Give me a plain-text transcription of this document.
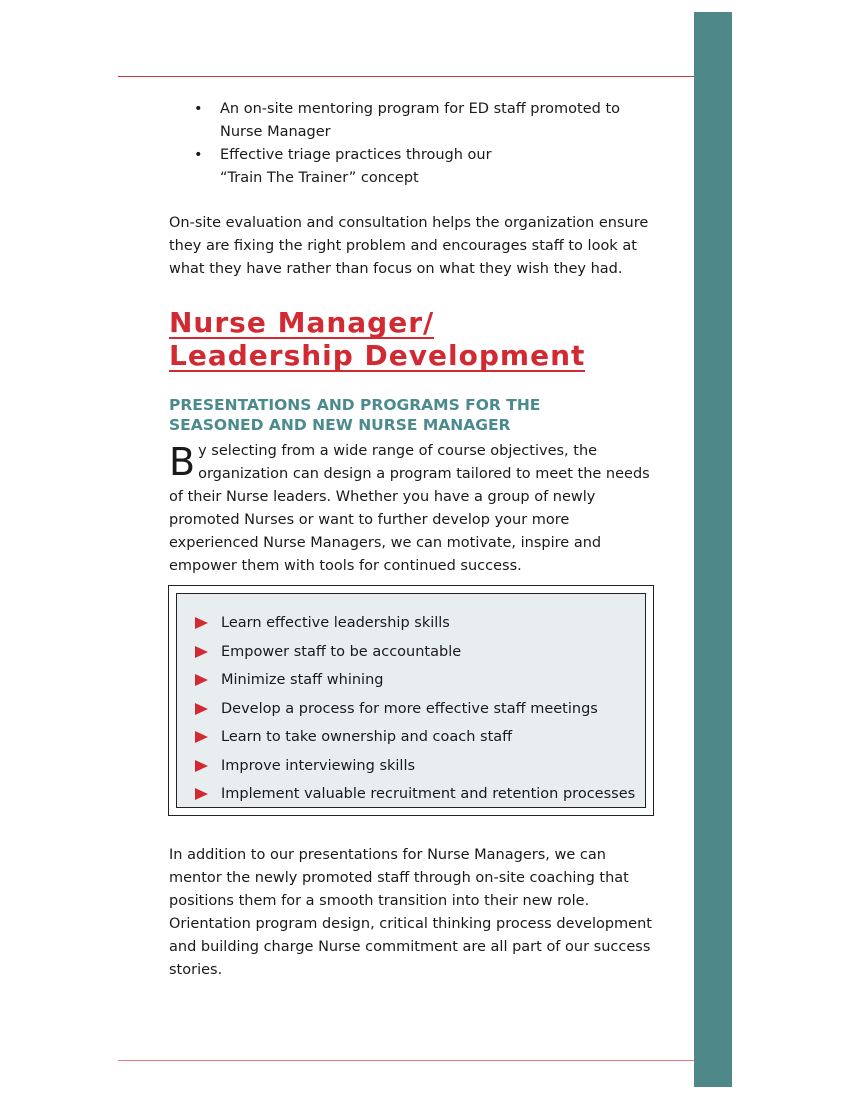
• An on-site mentoring program for ED staff promoted to
Nurse Manager
• Effective triage practices through our
“Train The Trainer” concept

On-site evaluation and consultation helps the organization ensure they are fixing the right problem and encourages staff to look at what they have rather than focus on what they wish they had.

Nurse Manager/
Leadership Development
PRESENTATIONS AND PROGRAMS FOR THE
SEASONED AND NEW NURSE MANAGER

By selecting from a wide range of course objectives, the organization can design a program tailored to meet the needs of their Nurse leaders. Whether you have a group of newly promoted Nurses or want to further develop your more experienced Nurse Managers, we can motivate, inspire and empower them with tools for continued success.

Learn effective leadership skills
Empower staff to be accountable
Minimize staff whining
Develop a process for more effective staff meetings
Learn to take ownership and coach staff
Improve interviewing skills
Implement valuable recruitment and retention processes

In addition to our presentations for Nurse Managers, we can mentor the newly promoted staff through on-site coaching that positions them for a smooth transition into their new role. Orientation program design, critical thinking process development and building charge Nurse commitment are all part of our success stories.
